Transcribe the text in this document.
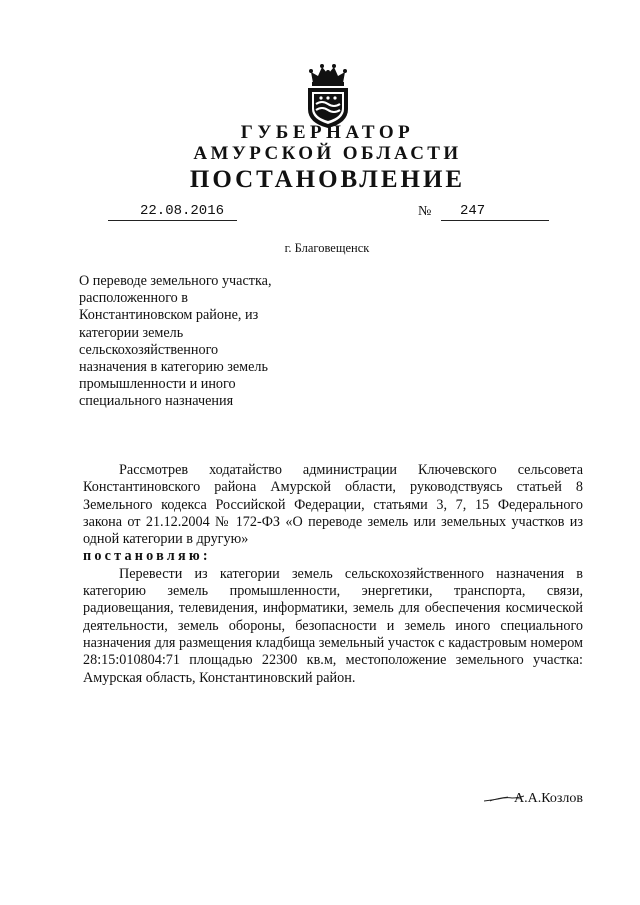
ГУБЕРНАТОР
АМУРСКОЙ ОБЛАСТИ
ПОСТАНОВЛЕНИЕ
22.08.2016	№ 247
г. Благовещенск
О переводе земельного участка,
расположенного в
Константиновском районе, из
категории земель
сельскохозяйственного
назначения в категорию земель
промышленности и иного
специального назначения

Рассмотрев ходатайство администрации Ключевского сельсовета Константиновского района Амурской области, руководствуясь статьей 8 Земельного кодекса Российской Федерации, статьями 3, 7, 15 Федерального закона от 21.12.2004 № 172-ФЗ «О переводе земель или земельных участков из одной категории в другую»

постановляю:

Перевести из категории земель сельскохозяйственного назначения в категорию земель промышленности, энергетики, транспорта, связи, радиовещания, телевидения, информатики, земель для обеспечения космической деятельности, земель обороны, безопасности и земель иного специального назначения для размещения кладбища земельный участок с кадастровым номером 28:15:010804:71 площадью 22300 кв.м, местоположение земельного участка: Амурская область, Константиновский район.

А.А.Козлов
